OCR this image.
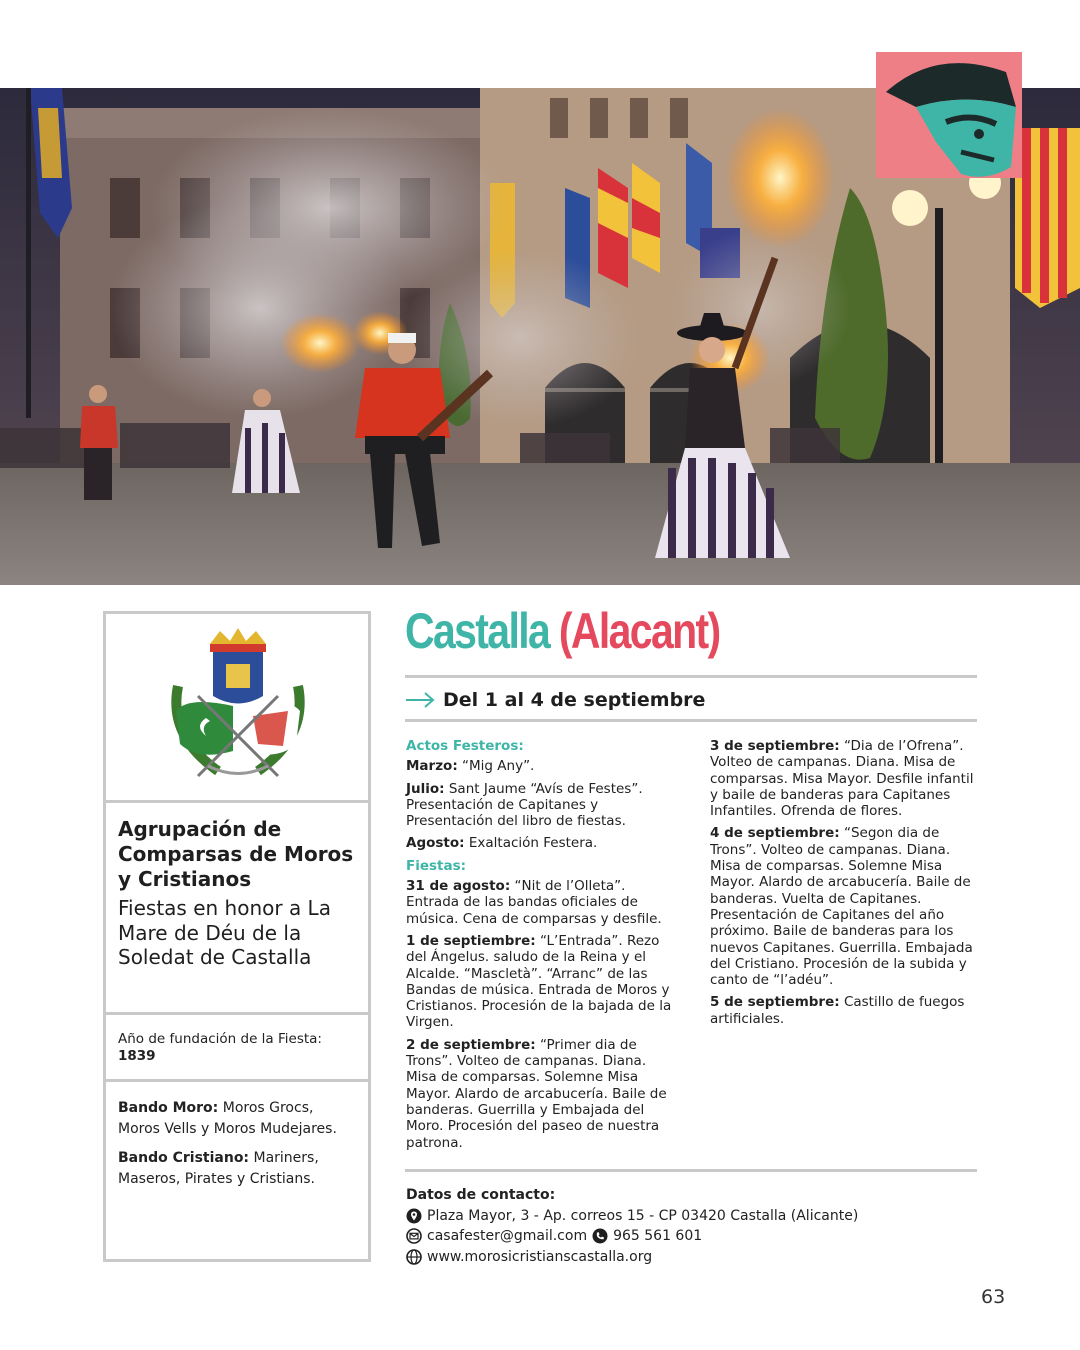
Paco Gamgó
Agrupación de Comparsas de Moros y Cristianos
Fiestas en honor a La Mare de Déu de la Soledat de Castalla
Año de fundación de la Fiesta: 1839

Bando Moro: Moros Grocs, Moros Vells y Moros Mudejares.

Bando Cristiano: Mariners, Maseros, Pirates y Cristians.

Castalla (Alacant)
Del 1 al 4 de septiembre

Actos Festeros:

Marzo: “Mig Any”.

Julio: Sant Jaume “Avís de Festes”. Presentación de Capitanes y Presentación del libro de fiestas.

Agosto: Exaltación Festera.

Fiestas:

31 de agosto: “Nit de l’Olleta”. Entrada de las bandas oficiales de música. Cena de comparsas y desfile.

1 de septiembre: “L’Entrada”. Rezo del Ángelus. saludo de la Reina y el Alcalde. “Mascletà”. “Arranc” de las Bandas de música. Entrada de Moros y Cristianos. Procesión de la bajada de la Virgen.

2 de septiembre: “Primer dia de Trons”. Volteo de campanas. Diana. Misa de comparsas. Solemne Misa Mayor. Alardo de arcabucería. Baile de banderas. Guerrilla y Embajada del Moro. Procesión del paseo de nuestra patrona.

3 de septiembre: “Dia de l’Ofrena”. Volteo de campanas. Diana. Misa de comparsas. Misa Mayor. Desfile infantil y baile de banderas para Capitanes Infantiles. Ofrenda de flores.

4 de septiembre: “Segon dia de Trons”. Volteo de campanas. Diana. Misa de comparsas. Solemne Misa Mayor. Alardo de arcabucería. Baile de banderas. Vuelta de Capitanes. Presentación de Capitanes del año próximo. Baile de banderas para los nuevos Capitanes. Guerrilla. Embajada del Cristiano. Procesión de la subida y canto de “l’adéu”.

5 de septiembre: Castillo de fuegos artificiales.

Datos de contacto:
Plaza Mayor, 3 - Ap. correos 15 - CP 03420 Castalla (Alicante)
casafester@gmail.com 965 561 601
www.morosicristianscastalla.org
63
